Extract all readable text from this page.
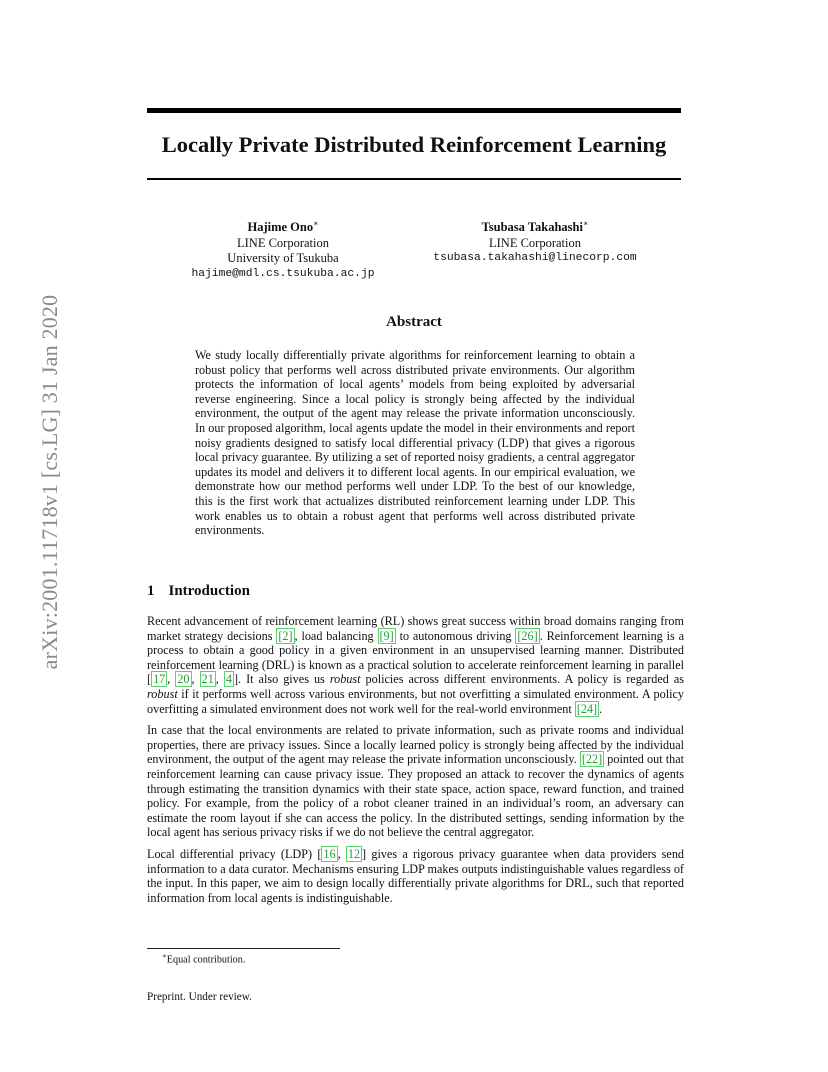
arXiv:2001.11718v1 [cs.LG] 31 Jan 2020
Locally Private Distributed Reinforcement Learning
Hajime Ono∗
LINE Corporation
University of Tsukuba
hajime@mdl.cs.tsukuba.ac.jp
Tsubasa Takahashi∗
LINE Corporation
tsubasa.takahashi@linecorp.com
Abstract
We study locally differentially private algorithms for reinforcement learning to obtain a robust policy that performs well across distributed private environments. Our algorithm protects the information of local agents’ models from being exploited by adversarial reverse engineering. Since a local policy is strongly being affected by the individual environment, the output of the agent may release the private information unconsciously. In our proposed algorithm, local agents update the model in their environments and report noisy gradients designed to satisfy local differential privacy (LDP) that gives a rigorous local privacy guarantee. By utilizing a set of reported noisy gradients, a central aggregator updates its model and delivers it to different local agents. In our empirical evaluation, we demonstrate how our method performs well under LDP. To the best of our knowledge, this is the first work that actualizes distributed reinforcement learning under LDP. This work enables us to obtain a robust agent that performs well across distributed private environments.
1 Introduction

Recent advancement of reinforcement learning (RL) shows great success within broad domains ranging from market strategy decisions [2] , load balancing [9] to autonomous driving [26] . Reinforcement learning is a process to obtain a good policy in a given environment in an unsupervised learning manner. Distributed reinforcement learning (DRL) is known as a practical solution to accelerate reinforcement learning in parallel [ 17 , 20 , 21 , 4 ]. It also gives us robust policies across different environments. A policy is regarded as robust if it performs well across various environments, but not overfitting a simulated environment. A policy overfitting a simulated environment does not work well for the real-world environment [24] .

In case that the local environments are related to private information, such as private rooms and individual properties, there are privacy issues. Since a locally learned policy is strongly being affected by the individual environment, the output of the agent may release the private information unconsciously. [22] pointed out that reinforcement learning can cause privacy issue. They proposed an attack to recover the dynamics of agents through estimating the transition dynamics with their state space, action space, reward function, and trained policy. For example, from the policy of a robot cleaner trained in an individual’s room, an adversary can estimate the room layout if she can access the policy. In the distributed settings, sending information by the local agent has serious privacy risks if we do not believe the central aggregator.

Local differential privacy (LDP) [ 16 , 12 ] gives a rigorous privacy guarantee when data providers send information to a data curator. Mechanisms ensuring LDP makes outputs indistinguishable values regardless of the input. In this paper, we aim to design locally differentially private algorithms for DRL, such that reported information from local agents is indistinguishable.

∗Equal contribution.
Preprint. Under review.
